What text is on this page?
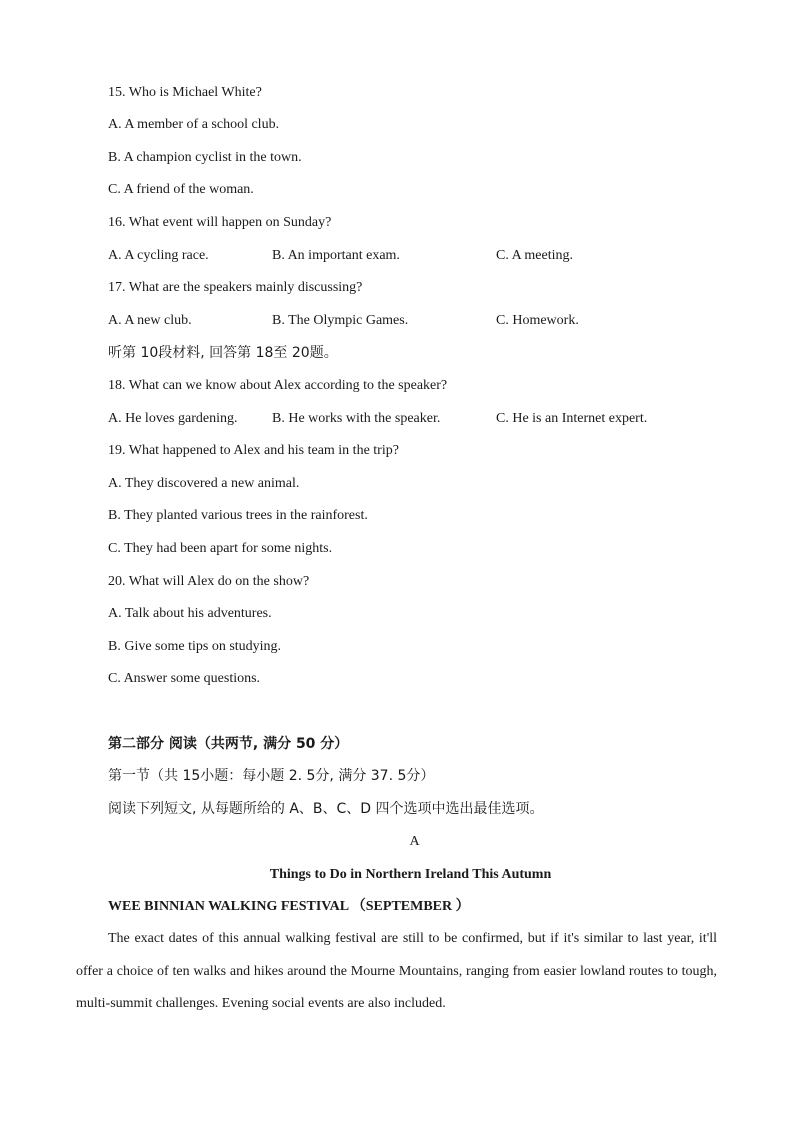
15. Who is Michael White?
A. A member of a school club.
B. A champion cyclist in the town.
C. A friend of the woman.
16. What event will happen on Sunday?
A. A cycling race.	B. An important exam.	C. A meeting.
17. What are the speakers mainly discussing?
A. A new club.	B. The Olympic Games.	C. Homework.
听第 10段材料, 回答第 18至 20题。
18. What can we know about Alex according to the speaker?
A. He loves gardening. B. He works with the speaker.	C. He is an Internet expert.
19. What happened to Alex and his team in the trip?
A. They discovered a new animal.
B. They planted various trees in the rainforest.
C. They had been apart for some nights.
20. What will Alex do on the show?
A. Talk about his adventures.
B. Give some tips on studying.
C. Answer some questions.
第二部分 阅读（共两节, 满分 50 分）
第一节（共 15小题：每小题 2. 5分, 满分 37. 5分）
阅读下列短文, 从每题所给的 A、B、C、D 四个选项中选出最佳选项。
A
Things to Do in Northern Ireland This Autumn
WEE BINNIAN WALKING FESTIVAL （SEPTEMBER ）
The exact dates of this annual walking festival are still to be confirmed, but if it's similar to last year, it'll offer a choice of ten walks and hikes around the Mourne Mountains, ranging from easier lowland routes to tough, multi-summit challenges. Evening social events are also included.
